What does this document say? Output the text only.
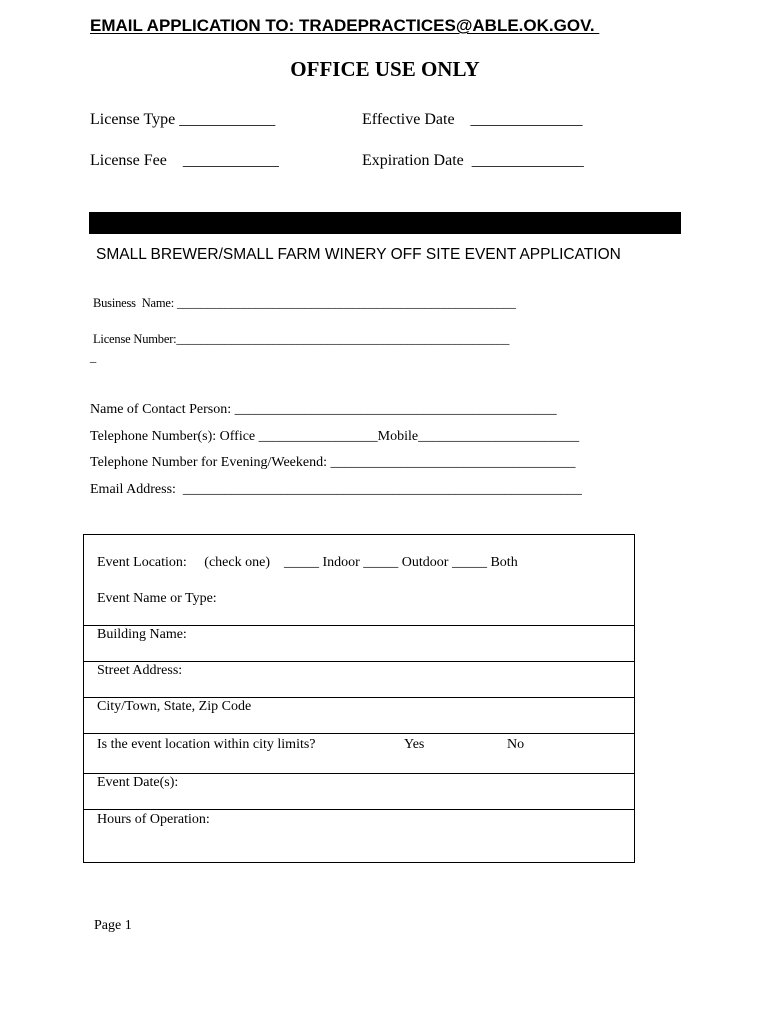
EMAIL APPLICATION TO: TRADEPRACTICES@ABLE.OK.GOV.
OFFICE USE ONLY
License Type ____________	Effective Date    ______________
License Fee    ____________	Expiration Date  ______________
SMALL BREWER/SMALL FARM WINERY OFF SITE EVENT APPLICATION
Business  Name: ________________________________________________________
License Number:_______________________________________________________
_
Name of Contact Person: ______________________________________________
Telephone Number(s): Office _________________Mobile_______________________
Telephone Number for Evening/Weekend: ___________________________________
Email Address:  _________________________________________________________
Event Location:     (check one)    _____ Indoor _____ Outdoor _____ Both
Event Name or Type:
Building Name:
Street Address:
City/Town, State, Zip Code
Is the event location within city limits?	Yes	No
Event Date(s):
Hours of Operation:
Page 1
